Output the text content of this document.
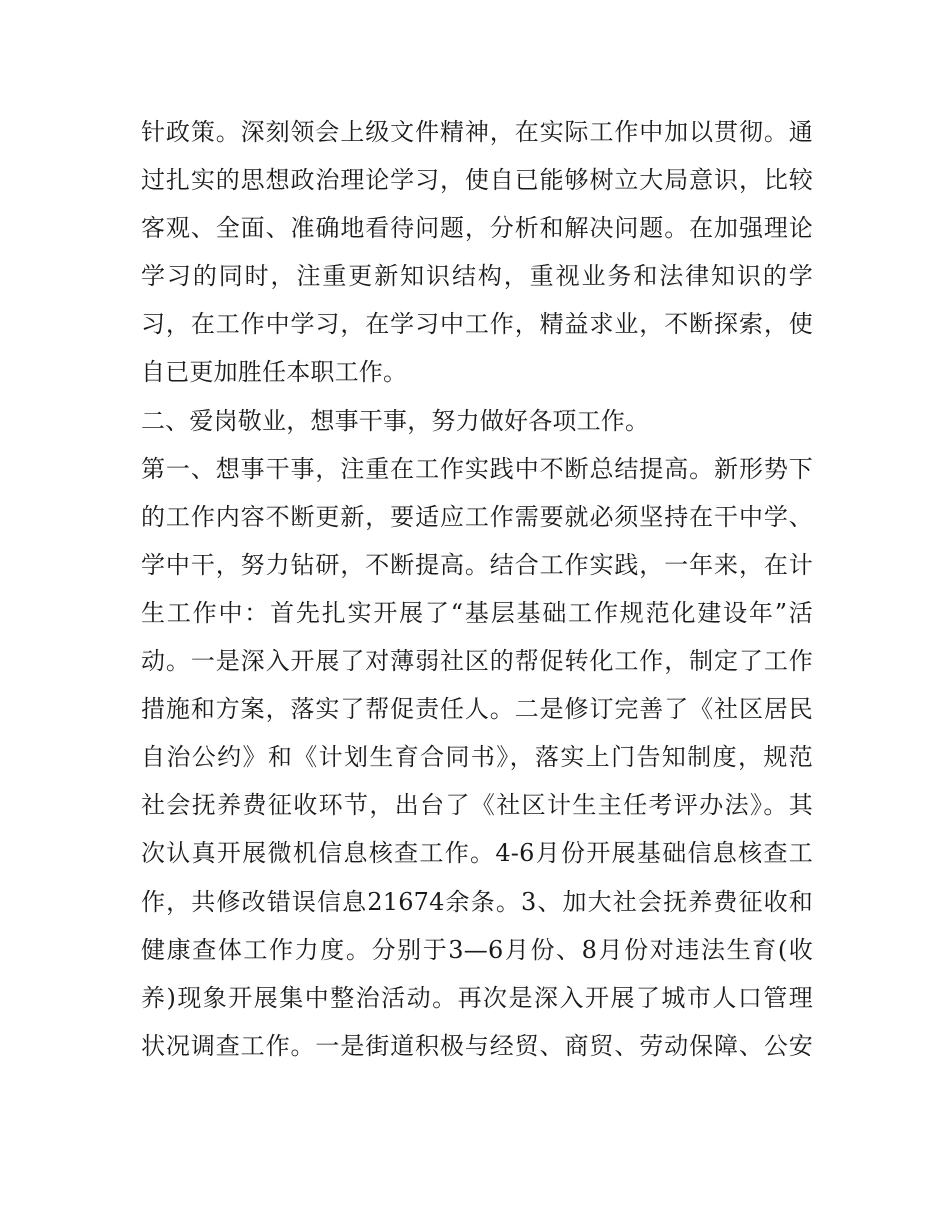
针政策。深刻领会上级文件精神，在实际工作中加以贯彻。通
过扎实的思想政治理论学习，使自已能够树立大局意识，比较
客观、全面、准确地看待问题，分析和解决问题。在加强理论
学习的同时，注重更新知识结构，重视业务和法律知识的学
习，在工作中学习，在学习中工作，精益求业，不断探索，使
自已更加胜任本职工作。
二、爱岗敬业，想事干事，努力做好各项工作。
第一、想事干事，注重在工作实践中不断总结提高。新形势下
的工作内容不断更新，要适应工作需要就必须坚持在干中学、
学中干，努力钻研，不断提高。结合工作实践，一年来，在计
生工作中：首先扎实开展了“基层基础工作规范化建设年”活
动。一是深入开展了对薄弱社区的帮促转化工作，制定了工作
措施和方案，落实了帮促责任人。二是修订完善了《社区居民
自治公约》和《计划生育合同书》，落实上门告知制度，规范
社会抚养费征收环节，出台了《社区计生主任考评办法》。其
次认真开展微机信息核查工作。4-6月份开展基础信息核查工
作，共修改错误信息21674余条。3、加大社会抚养费征收和
健康查体工作力度。分别于3—6月份、8月份对违法生育(收
养)现象开展集中整治活动。再次是深入开展了城市人口管理
状况调查工作。一是街道积极与经贸、商贸、劳动保障、公安
